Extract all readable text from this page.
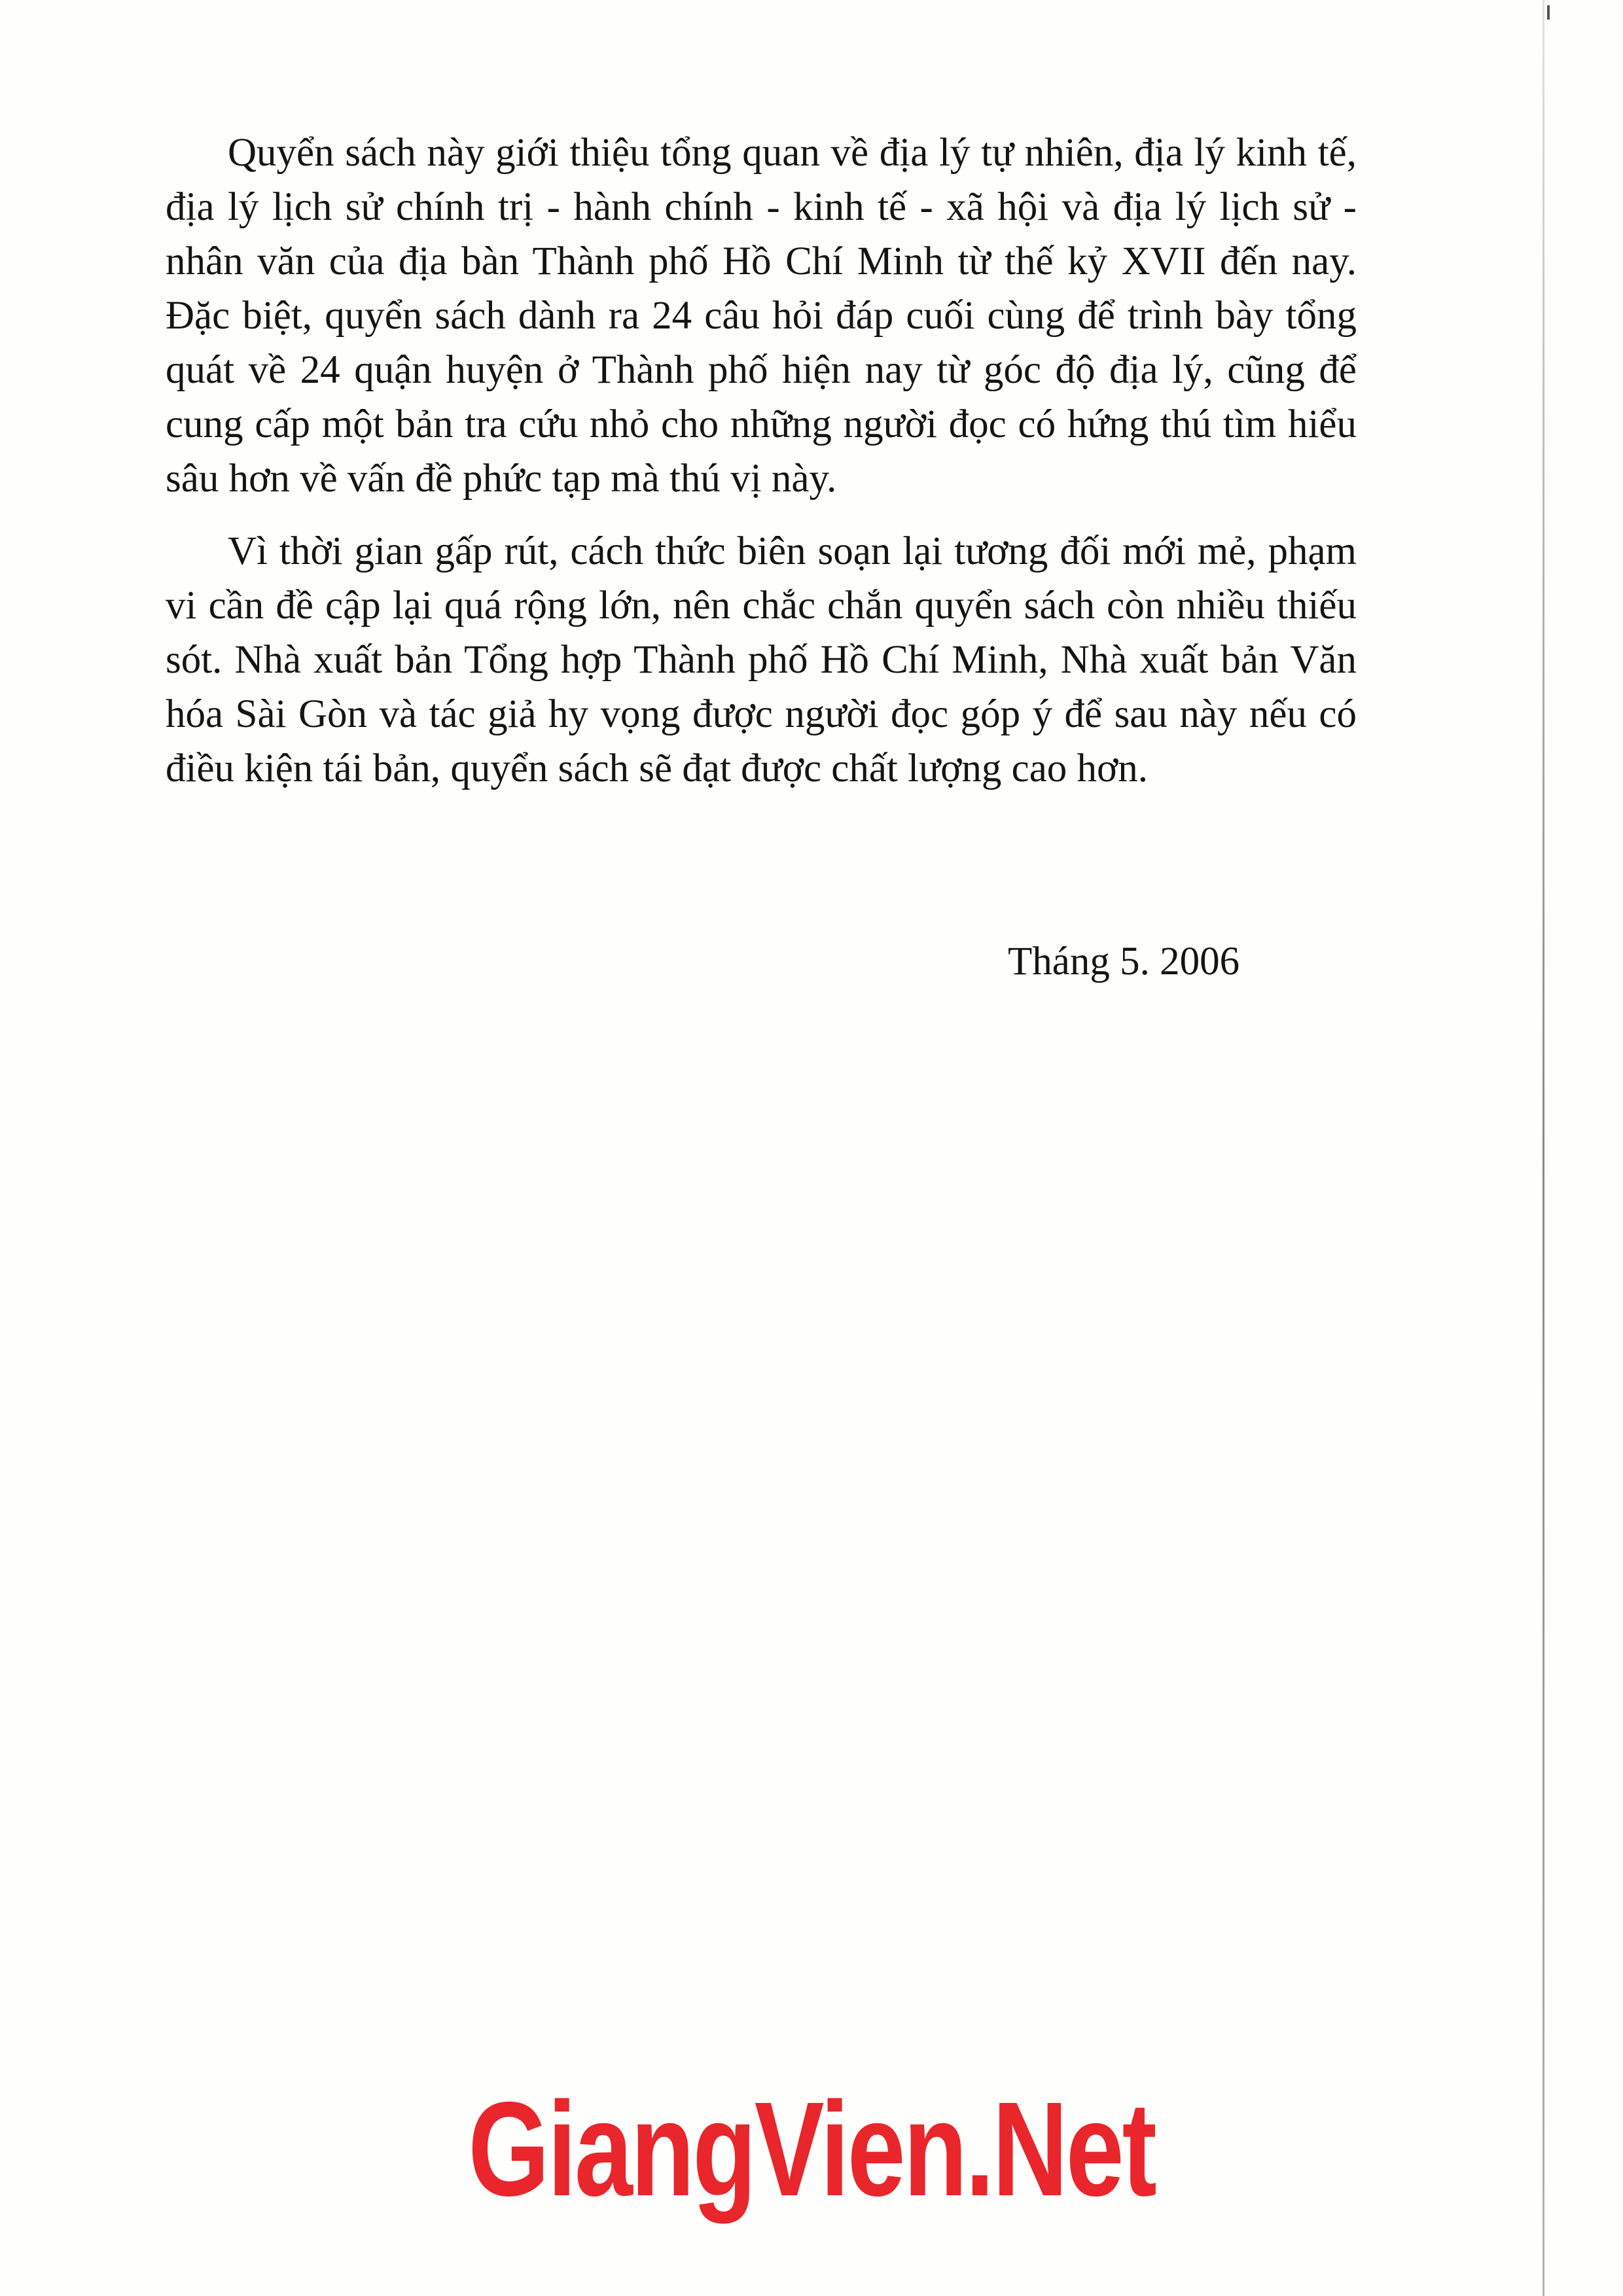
Quyển sách này giới thiệu tổng quan về địa lý tự nhiên, địa lý kinh tế, địa lý lịch sử chính trị - hành chính - kinh tế - xã hội và địa lý lịch sử - nhân văn của địa bàn Thành phố Hồ Chí Minh từ thế kỷ XVII đến nay. Đặc biệt, quyển sách dành ra 24 câu hỏi đáp cuối cùng để trình bày tổng quát về 24 quận huyện ở Thành phố hiện nay từ góc độ địa lý, cũng để cung cấp một bản tra cứu nhỏ cho những người đọc có hứng thú tìm hiểu sâu hơn về vấn đề phức tạp mà thú vị này.

Vì thời gian gấp rút, cách thức biên soạn lại tương đối mới mẻ, phạm vi cần đề cập lại quá rộng lớn, nên chắc chắn quyển sách còn nhiều thiếu sót. Nhà xuất bản Tổng hợp Thành phố Hồ Chí Minh, Nhà xuất bản Văn hóa Sài Gòn và tác giả hy vọng được người đọc góp ý để sau này nếu có điều kiện tái bản, quyển sách sẽ đạt được chất lượng cao hơn.

Tháng 5. 2006
GiangVien.Net
